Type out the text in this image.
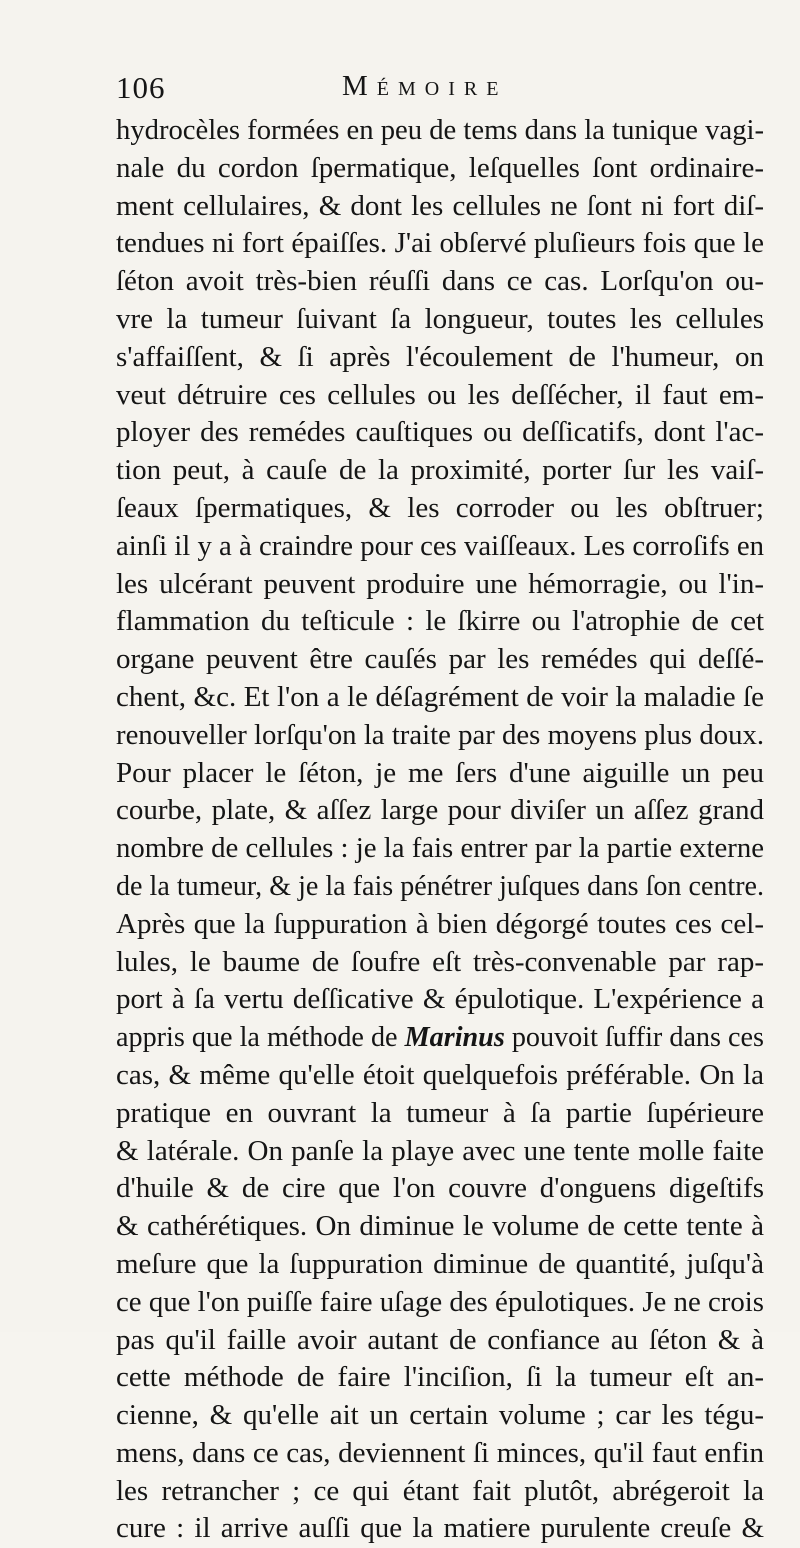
106	Mémoire
hydrocèles formées en peu de tems dans la tunique vagi-
nale du cordon ſpermatique, leſquelles ſont ordinaire-
ment cellulaires, & dont les cellules ne ſont ni fort diſ-
tendues ni fort épaiſſes. J'ai obſervé pluſieurs fois que le
ſéton avoit très-bien réuſſi dans ce cas. Lorſqu'on ou-
vre la tumeur ſuivant ſa longueur, toutes les cellules
s'affaiſſent, & ſi après l'écoulement de l'humeur, on
veut détruire ces cellules ou les deſſécher, il faut em-
ployer des remédes cauſtiques ou deſſicatifs, dont l'ac-
tion peut, à cauſe de la proximité, porter ſur les vaiſ-
ſeaux ſpermatiques, & les corroder ou les obſtruer;
ainſi il y a à craindre pour ces vaiſſeaux. Les corroſifs en
les ulcérant peuvent produire une hémorragie, ou l'in-
flammation du teſticule : le ſkirre ou l'atrophie de cet
organe peuvent être cauſés par les remédes qui deſſé-
chent, &c. Et l'on a le déſagrément de voir la maladie ſe
renouveller lorſqu'on la traite par des moyens plus doux.
Pour placer le ſéton, je me ſers d'une aiguille un peu
courbe, plate, & aſſez large pour diviſer un aſſez grand
nombre de cellules : je la fais entrer par la partie externe
de la tumeur, & je la fais pénétrer juſques dans ſon centre.
Après que la ſuppuration à bien dégorgé toutes ces cel-
lules, le baume de ſoufre eſt très-convenable par rap-
port à ſa vertu deſſicative & épulotique. L'expérience a
appris que la méthode de Marinus pouvoit ſuffir dans ces
cas, & même qu'elle étoit quelquefois préférable. On la
pratique en ouvrant la tumeur à ſa partie ſupérieure
& latérale. On panſe la playe avec une tente molle faite
d'huile & de cire que l'on couvre d'onguens digeſtifs
& cathérétiques. On diminue le volume de cette tente à
meſure que la ſuppuration diminue de quantité, juſqu'à
ce que l'on puiſſe faire uſage des épulotiques. Je ne crois
pas qu'il faille avoir autant de confiance au ſéton & à
cette méthode de faire l'inciſion, ſi la tumeur eſt an-
cienne, & qu'elle ait un certain volume ; car les tégu-
mens, dans ce cas, deviennent ſi minces, qu'il faut enfin
les retrancher ; ce qui étant fait plutôt, abrégeroit la
cure : il arrive auſſi que la matiere purulente creuſe &
